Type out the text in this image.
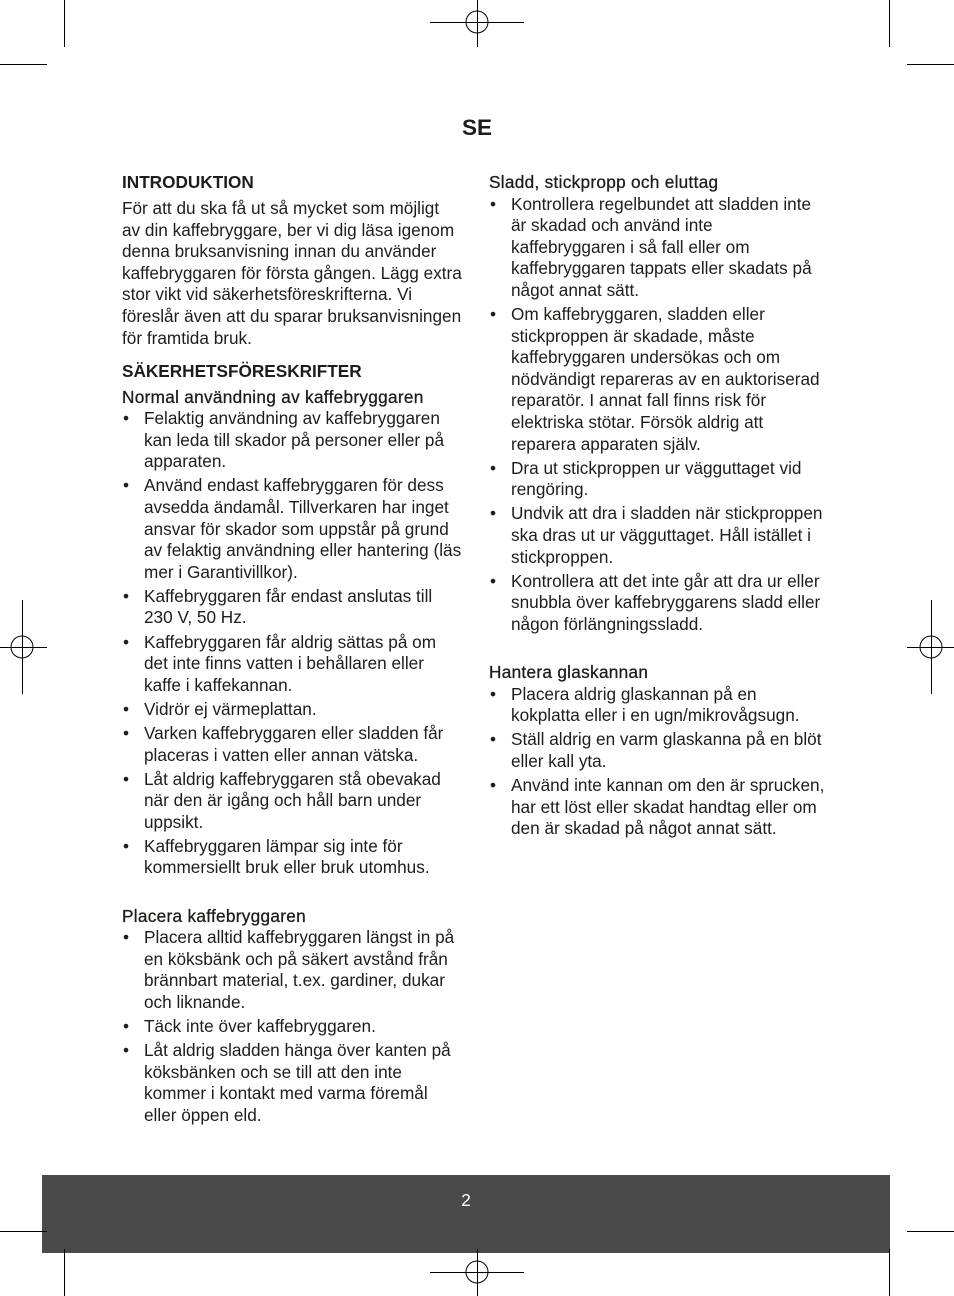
SE
INTRODUKTION

För att du ska få ut så mycket som möjligt
av din kaffebryggare, ber vi dig läsa igenom
denna bruksanvisning innan du använder
kaffebryggaren för första gången. Lägg extra
stor vikt vid säkerhetsföreskrifterna. Vi
föreslår även att du sparar bruksanvisningen
för framtida bruk.

SÄKERHETSFÖRESKRIFTER
Normal användning av kaffebryggaren
• Felaktig användning av kaffebryggaren
kan leda till skador på personer eller på
apparaten.
• Använd endast kaffebryggaren för dess
avsedda ändamål. Tillverkaren har inget
ansvar för skador som uppstår på grund
av felaktig användning eller hantering (läs
mer i Garantivillkor).
• Kaffebryggaren får endast anslutas till
230 V, 50 Hz.
• Kaffebryggaren får aldrig sättas på om
det inte finns vatten i behållaren eller
kaffe i kaffekannan.
• Vidrör ej värmeplattan.
• Varken kaffebryggaren eller sladden får
placeras i vatten eller annan vätska.
• Låt aldrig kaffebryggaren stå obevakad
när den är igång och håll barn under
uppsikt.
• Kaffebryggaren lämpar sig inte för
kommersiellt bruk eller bruk utomhus.
Placera kaffebryggaren
• Placera alltid kaffebryggaren längst in på
en köksbänk och på säkert avstånd från
brännbart material, t.ex. gardiner, dukar
och liknande.
• Täck inte över kaffebryggaren.
• Låt aldrig sladden hänga över kanten på
köksbänken och se till att den inte
kommer i kontakt med varma föremål
eller öppen eld.
Sladd, stickpropp och eluttag
• Kontrollera regelbundet att sladden inte
är skadad och använd inte
kaffebryggaren i så fall eller om
kaffebryggaren tappats eller skadats på
något annat sätt.
• Om kaffebryggaren, sladden eller
stickproppen är skadade, måste
kaffebryggaren undersökas och om
nödvändigt repareras av en auktoriserad
reparatör. I annat fall finns risk för
elektriska stötar. Försök aldrig att
reparera apparaten själv.
• Dra ut stickproppen ur vägguttaget vid
rengöring.
• Undvik att dra i sladden när stickproppen
ska dras ut ur vägguttaget. Håll istället i
stickproppen.
• Kontrollera att det inte går att dra ur eller
snubbla över kaffebryggarens sladd eller
någon förlängningssladd.
Hantera glaskannan
• Placera aldrig glaskannan på en
kokplatta eller i en ugn/mikrovågsugn.
• Ställ aldrig en varm glaskanna på en blöt
eller kall yta.
• Använd inte kannan om den är sprucken,
har ett löst eller skadat handtag eller om
den är skadad på något annat sätt.
2
